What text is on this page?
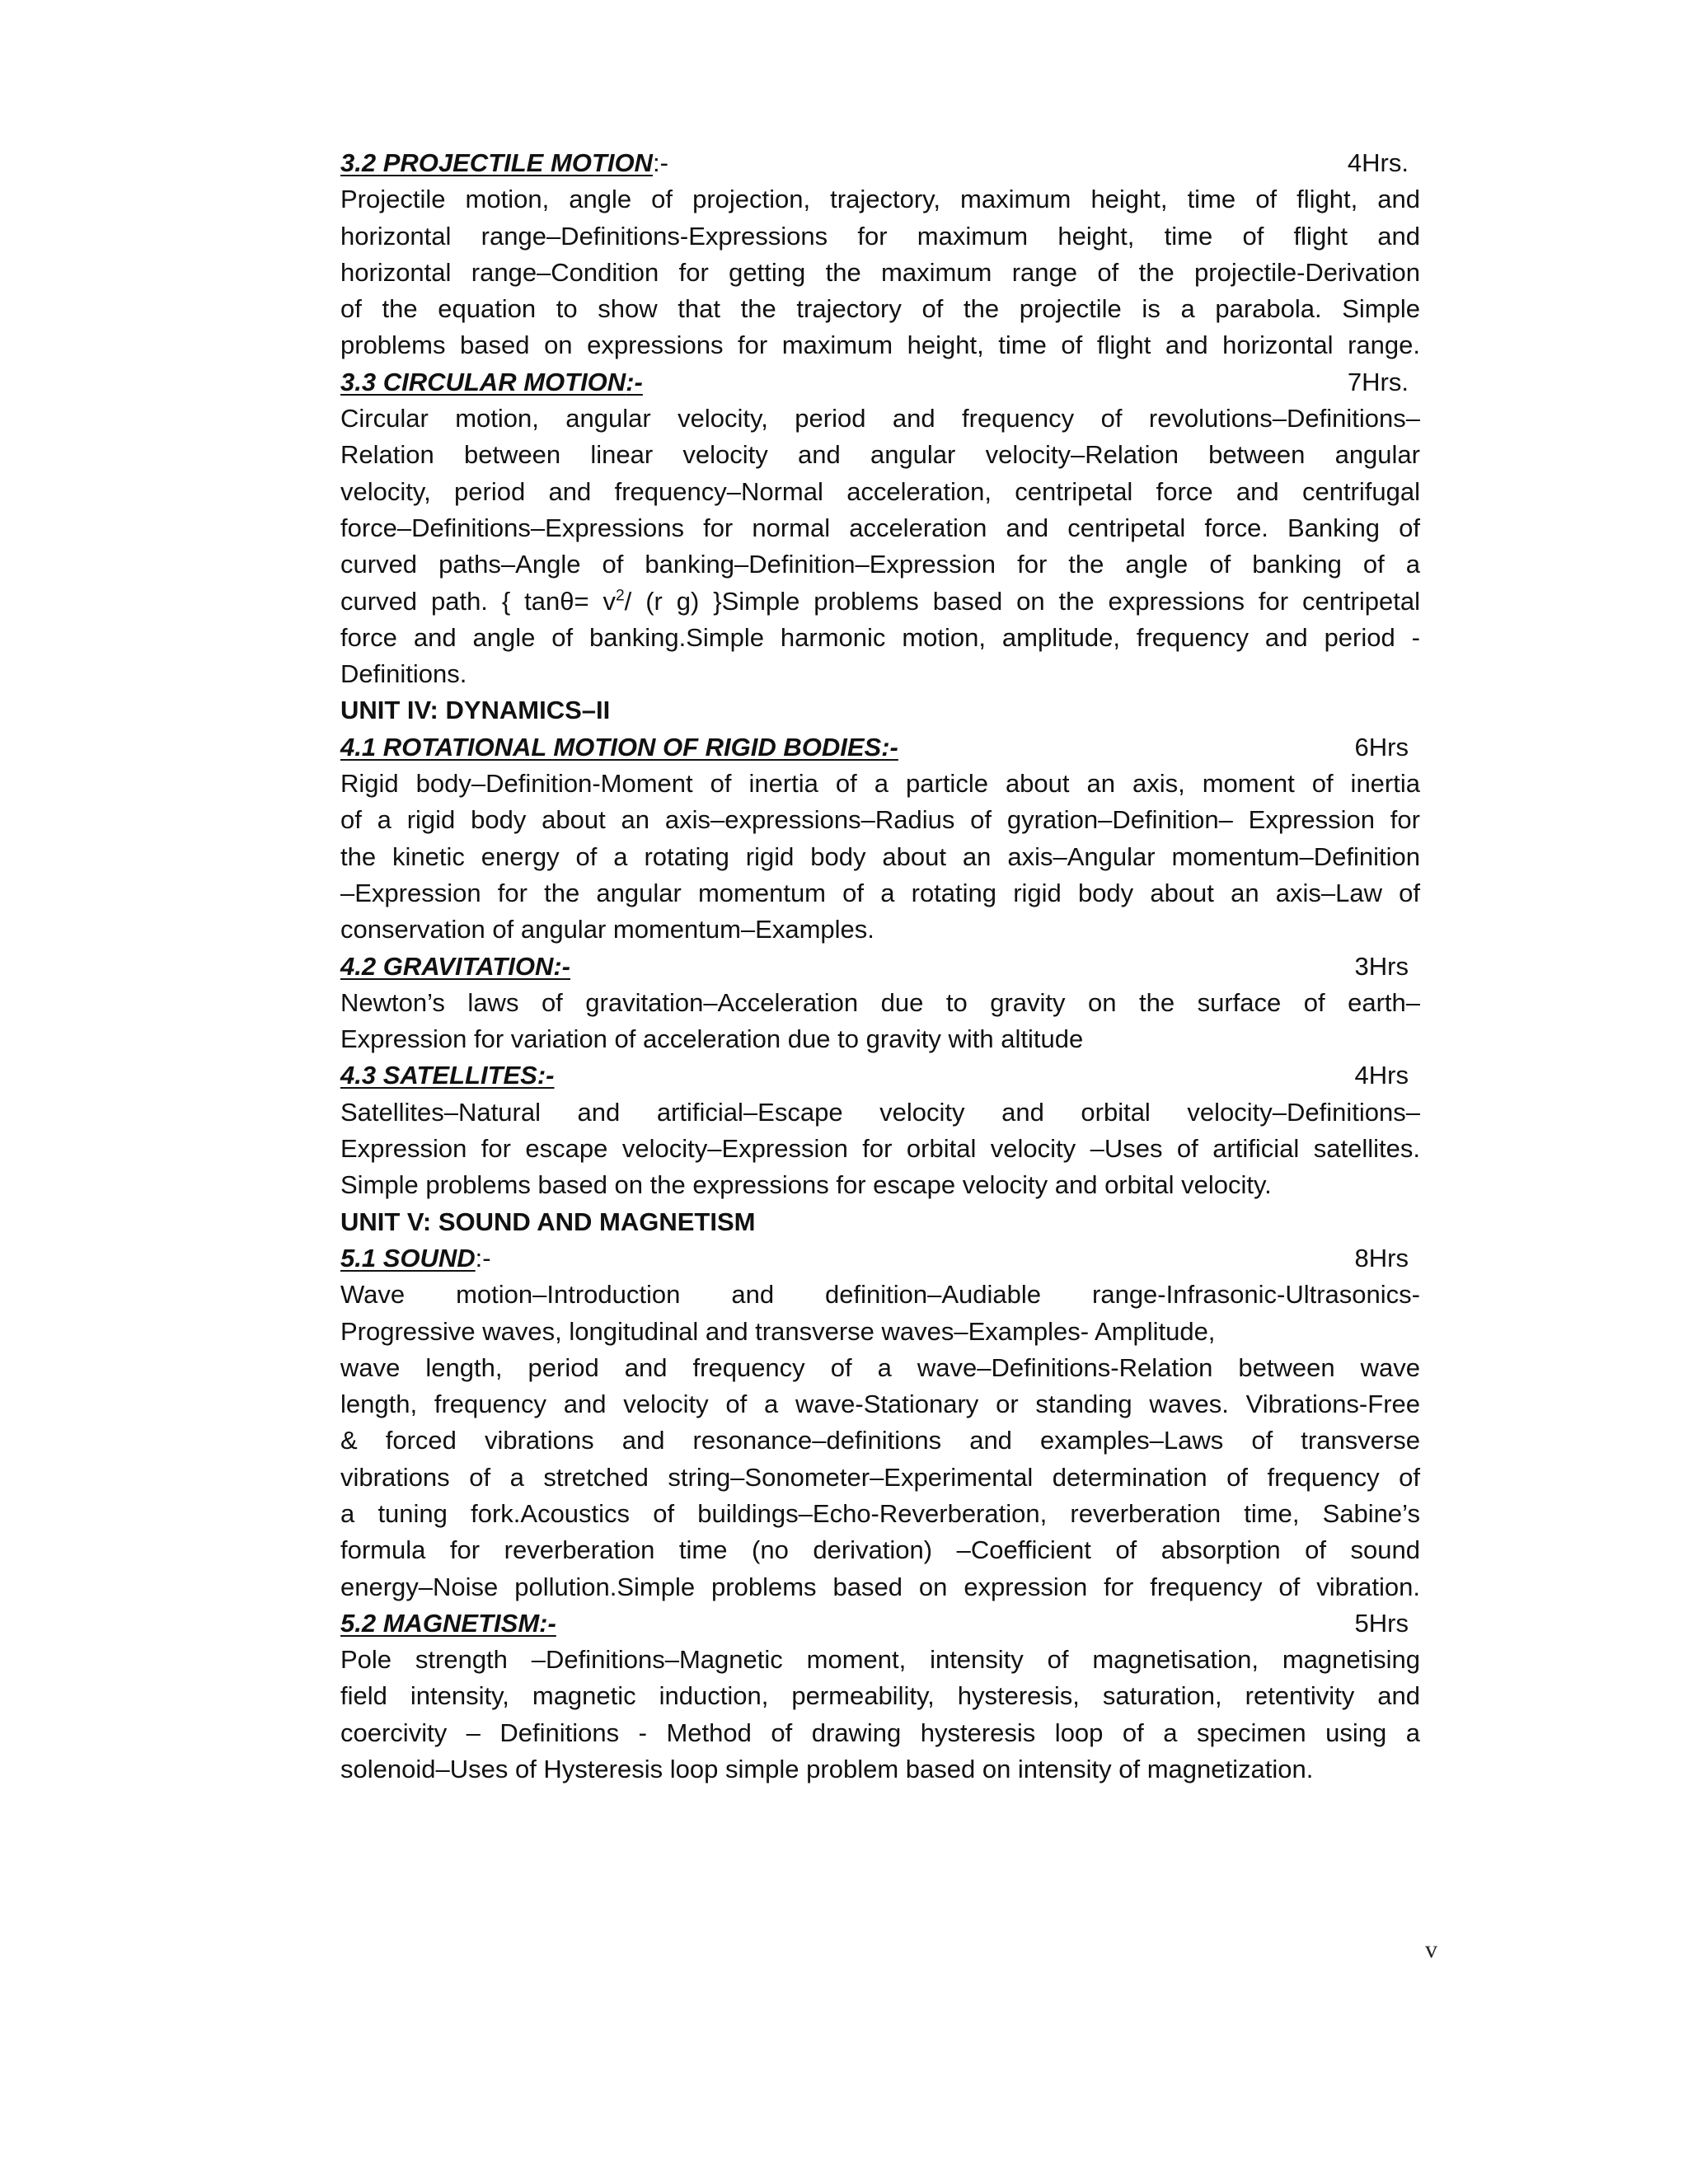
3.2 PROJECTILE MOTION:-	4Hrs.
Projectile motion, angle of projection, trajectory, maximum height, time of flight, and
horizontal range–Definitions-Expressions for maximum height, time of flight and
horizontal range–Condition for getting the maximum range of the projectile-Derivation
of the equation to show that the trajectory of the projectile is a parabola. Simple
problems based on expressions for maximum height, time of flight and horizontal range.
3.3 CIRCULAR MOTION:-	7Hrs.
Circular motion, angular velocity, period and frequency of revolutions–Definitions–
Relation between linear velocity and angular velocity–Relation between angular
velocity, period and frequency–Normal acceleration, centripetal force and centrifugal
force–Definitions–Expressions for normal acceleration and centripetal force. Banking of
curved paths–Angle of banking–Definition–Expression for the angle of banking of a
curved path. { $\tan\theta= v^2/$ (r g) }Simple problems based on the expressions for centripetal
force and angle of banking.Simple harmonic motion, amplitude, frequency and period -
Definitions.
UNIT IV: DYNAMICS–II
4.1 ROTATIONAL MOTION OF RIGID BODIES:-	6Hrs
Rigid body–Definition-Moment of inertia of a particle about an axis, moment of inertia
of a rigid body about an axis–expressions–Radius of gyration–Definition– Expression for
the kinetic energy of a rotating rigid body about an axis–Angular momentum–Definition
–Expression for the angular momentum of a rotating rigid body about an axis–Law of
conservation of angular momentum–Examples.
4.2 GRAVITATION:-	3Hrs
Newton’s laws of gravitation–Acceleration due to gravity on the surface of earth–
Expression for variation of acceleration due to gravity with altitude
4.3 SATELLITES:-	4Hrs
Satellites–Natural and artificial–Escape velocity and orbital velocity–Definitions–
Expression for escape velocity–Expression for orbital velocity –Uses of artificial satellites.
Simple problems based on the expressions for escape velocity and orbital velocity.
UNIT V: SOUND AND MAGNETISM
5.1 SOUND:-	8Hrs
Wave motion–Introduction and definition–Audiable range-Infrasonic-Ultrasonics-
Progressive waves, longitudinal and transverse waves–Examples- Amplitude,
wave length, period and frequency of a wave–Definitions-Relation between wave
length, frequency and velocity of a wave-Stationary or standing waves. Vibrations-Free
& forced vibrations and resonance–definitions and examples–Laws of transverse
vibrations of a stretched string–Sonometer–Experimental determination of frequency of
a tuning fork.Acoustics of buildings–Echo-Reverberation, reverberation time, Sabine’s
formula for reverberation time (no derivation) –Coefficient of absorption of sound
energy–Noise pollution.Simple problems based on expression for frequency of vibration.
5.2 MAGNETISM:-	5Hrs
Pole strength –Definitions–Magnetic moment, intensity of magnetisation, magnetising
field intensity, magnetic induction, permeability, hysteresis, saturation, retentivity and
coercivity – Definitions - Method of drawing hysteresis loop of a specimen using a
solenoid–Uses of Hysteresis loop simple problem based on intensity of magnetization.
v
